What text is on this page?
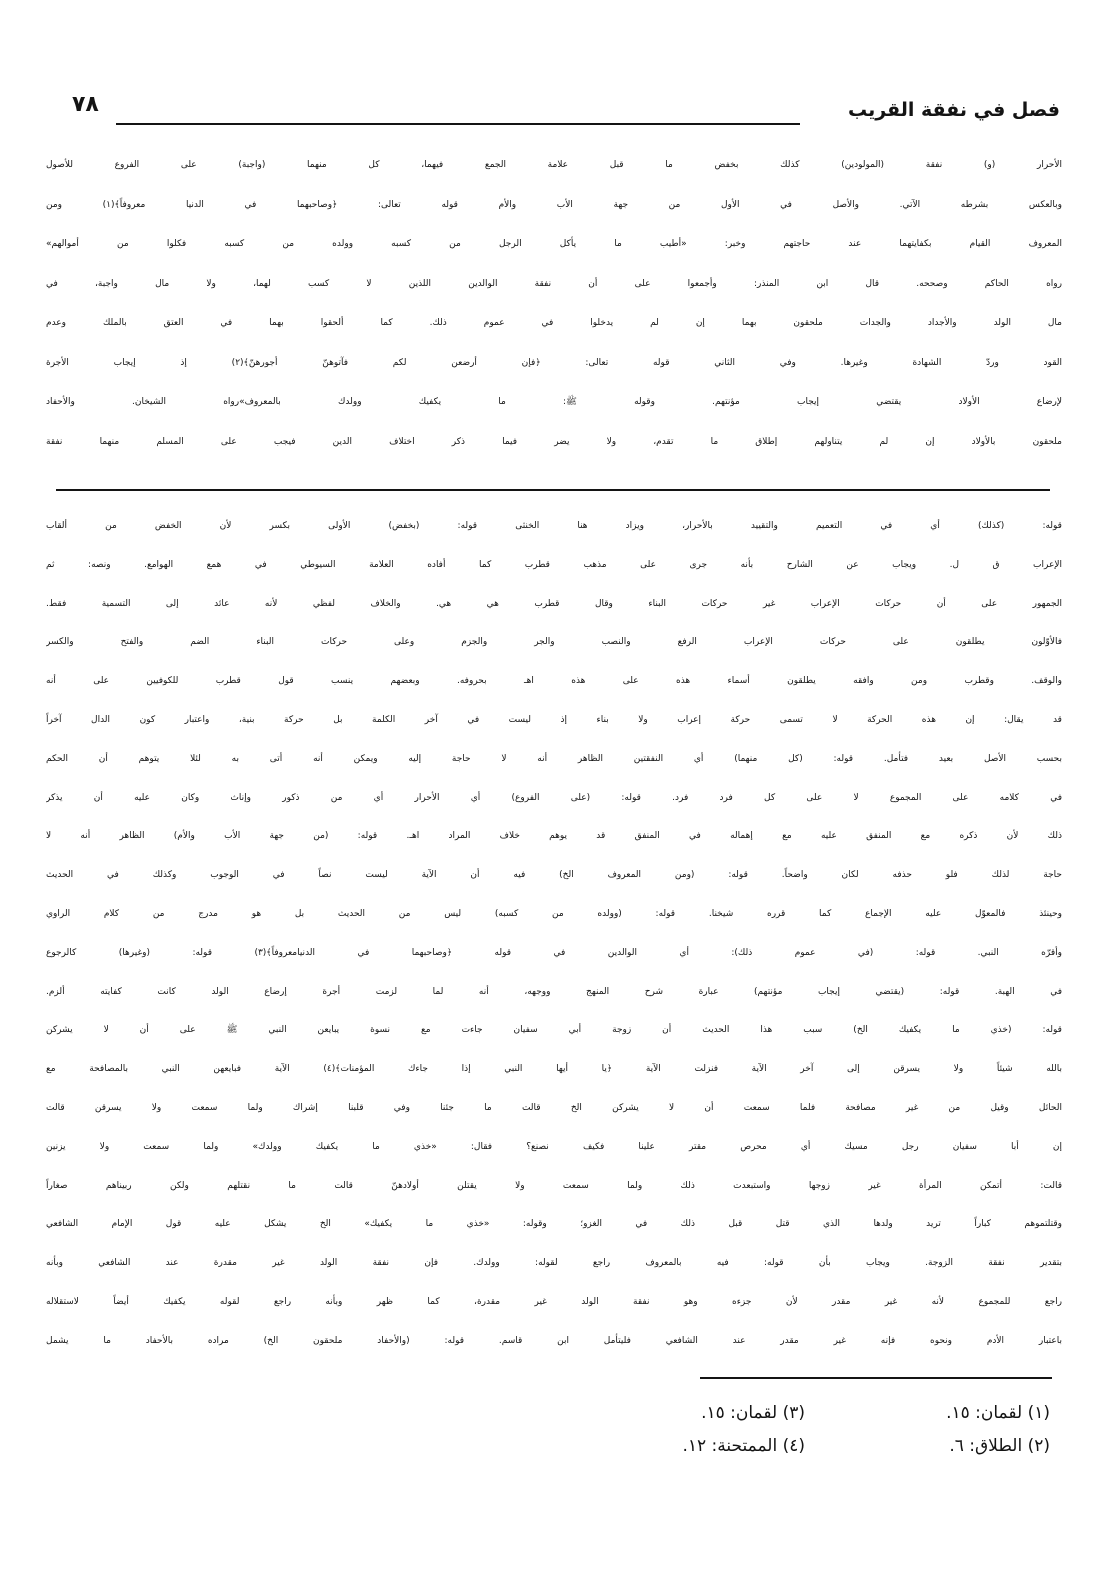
٧٨	فصل في نفقة القريب
الأحرار (و) نفقة (المولودين) كذلك بخفض ما قبل علامة الجمع فيهما، كل منهما (واجبة) على الفروع للأصول
وبالعكس بشرطه الآتي. والأصل في الأول من جهة الأب والأم قوله تعالى: ﴿وصاحبهما في الدنيا معروفاً﴾(١) ومن
المعروف القيام بكفايتهما عند حاجتهم وخبر: «أطيب ما يأكل الرجل من كسبه وولده من كسبه فكلوا من أموالهم»
رواه الحاكم وصححه. قال ابن المنذر: وأجمعوا على أن نفقة الوالدين اللذين لا كسب لهما، ولا مال واجبة، في
مال الولد والأجداد والجدات ملحقون بهما إن لم يدخلوا في عموم ذلك. كما ألحقوا بهما في العتق بالملك وعدم
القود وردّ الشهادة وغيرها. وفي الثاني قوله تعالى: ﴿فإن أرضعن لكم فآتوهنّ أجورهنّ﴾(٢) إذ إيجاب الأجرة
لإرضاع الأولاد يقتضي إيجاب مؤنتهم. وقوله ﷺ: ما يكفيك وولدك بالمعروف»رواه الشيخان. والأحفاد
ملحقون بالأولاد إن لم يتناولهم إطلاق ما تقدم، ولا يضر فيما ذكر اختلاف الدين فيجب على المسلم منهما نفقة
قوله: (كذلك) أي في التعميم والتقييد بالأحرار، ويزاد هنا الخنثى قوله: (بخفض) الأولى بكسر لأن الخفض من ألقاب
الإعراب ق ل. ويجاب عن الشارح بأنه جرى على مذهب قطرب كما أفاده العلامة السيوطي في همع الهوامع. ونصه: ثم
الجمهور على أن حركات الإعراب غير حركات البناء وقال قطرب هي هي. والخلاف لفظي لأنه عائد إلى التسمية فقط.
فالأوّلون يطلقون على حركات الإعراب الرفع والنصب والجر والجزم وعلى حركات البناء الضم والفتح والكسر
والوقف. وقطرب ومن وافقه يطلقون أسماء هذه على هذه اهـ بحروفه. وبعضهم ينسب قول قطرب للكوفيين على أنه
قد يقال: إن هذه الحركة لا تسمى حركة إعراب ولا بناء إذ ليست في آخر الكلمة بل حركة بنية، واعتبار كون الدال آخراً
بحسب الأصل بعيد فتأمل. قوله: (كل منهما) أي النفقتين الظاهر أنه لا حاجة إليه ويمكن أنه أتى به لئلا يتوهم أن الحكم
في كلامه على المجموع لا على كل فرد فرد. قوله: (على الفروع) أي الأحرار أي من ذكور وإناث وكان عليه أن يذكر
ذلك لأن ذكره مع المنفق عليه مع إهماله في المنفق قد يوهم خلاف المراد اهـ. قوله: (من جهة الأب والأم) الظاهر أنه لا
حاجة لذلك فلو حذفه لكان واضحاً. قوله: (ومن المعروف الخ) فيه أن الآية ليست نصاً في الوجوب وكذلك في الحديث
وحينئذ فالمعوّل عليه الإجماع كما قرره شيخنا. قوله: (وولده من كسبه) ليس من الحديث بل هو مدرج من كلام الراوي
وأقرّه النبي. قوله: (في عموم ذلك): أي الوالدين في قوله ﴿وصاحبهما في الدنيامعروفاً﴾(٣) قوله: (وغيرها) كالرجوع
في الهبة. قوله: (يقتضي إيجاب مؤنتهم) عبارة شرح المنهج ووجهه، أنه لما لزمت أجرة إرضاع الولد كانت كفايته ألزم.
قوله: (خذي ما يكفيك الخ) سبب هذا الحديث أن زوجة أبي سفيان جاءت مع نسوة يبايعن النبي ﷺ على أن لا يشركن
بالله شيئاً ولا يسرقن إلى آخر الآية فنزلت الآية ﴿يا أيها النبي إذا جاءك المؤمنات﴾(٤) الآية فبايعهن النبي بالمصافحة مع
الحائل وقيل من غير مصافحة فلما سمعت أن لا يشركن الخ قالت ما جئنا وفي قلبنا إشراك ولما سمعت ولا يسرقن قالت
إن أبا سفيان رجل مسيك أي محرص مقتر علينا فكيف نصنع؟ فقال: «خذي ما يكفيك وولدك» ولما سمعت ولا يزنين
قالت: أتمكن المرأة غير زوجها واستبعدت ذلك ولما سمعت ولا يقتلن أولادهنّ قالت ما نقتلهم ولكن ربيناهم صغاراً
وقتلتموهم كباراً تريد ولدها الذي قتل قبل ذلك في الغزو؛ وقوله: «خذي ما يكفيك» الخ يشكل عليه قول الإمام الشافعي
بتقدير نفقة الزوجة. ويجاب بأن قوله: فيه بالمعروف راجع لقوله: وولدك. فإن نفقة الولد غير مقدرة عند الشافعي وبأنه
راجع للمجموع لأنه غير مقدر لأن جزءه وهو نفقة الولد غير مقدرة، كما ظهر وبأنه راجع لقوله يكفيك أيضاً لاستقلاله
باعتبار الأدم ونحوه فإنه غير مقدر عند الشافعي فليتأمل ابن قاسم. قوله: (والأحفاد ملحقون الخ) مراده بالأحفاد ما يشمل
(١) لقمان: ١٥.
(٢) الطلاق: ٦.
(٣) لقمان: ١٥.
(٤) الممتحنة: ١٢.
